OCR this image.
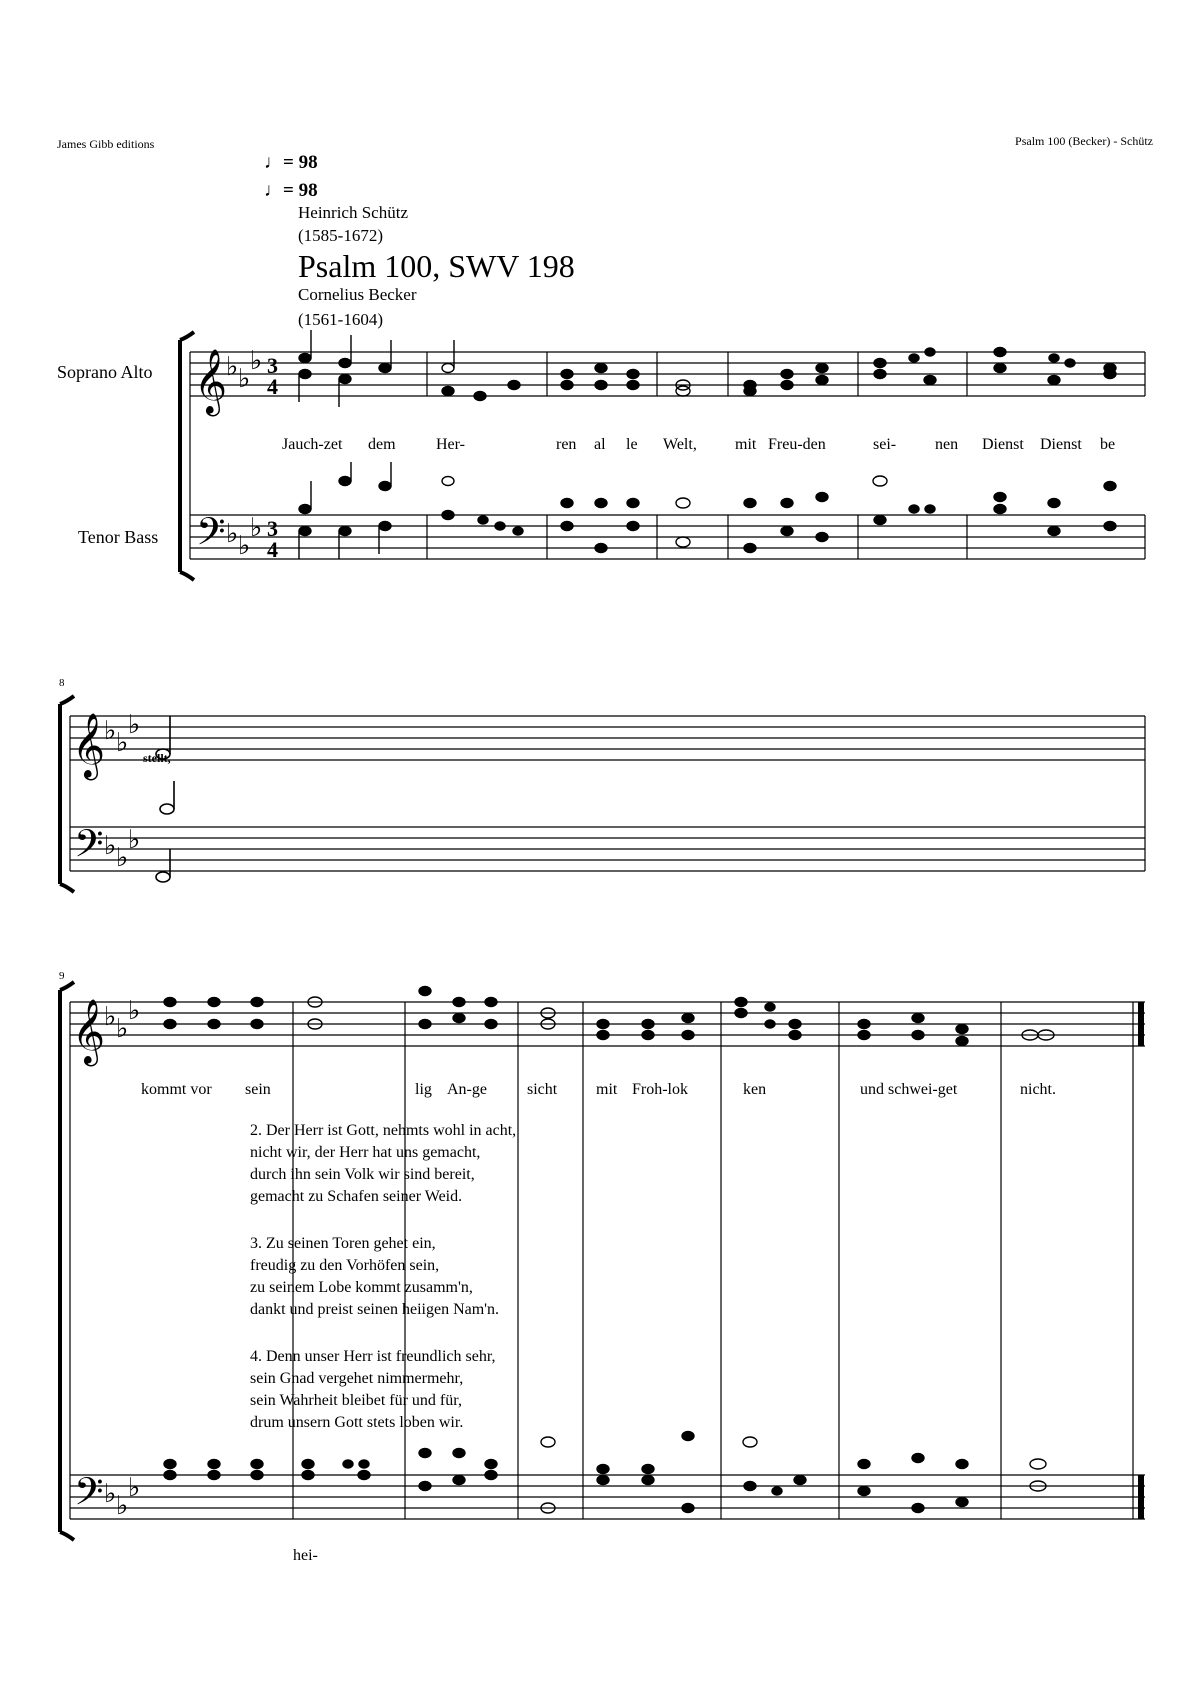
James Gibb editions	Psalm 100 (Becker) - Schütz
♩= 98
♩= 98
Heinrich Schütz
(1585-1672)
Psalm 100, SWV 198
Cornelius Becker
(1561-1604)
Soprano Alto
Tenor Bass
8
9
𝄞
𝄢
♭ ♭
♭
♭ ♭
♭
3
4
3
4
𝄞
𝄢
♭ ♭
♭
♭ ♭
♭
𝄞
𝄢
♭ ♭
♭
♭ ♭
♭
Jauch-zet dem	Her-	ren al le Welt, mit Freu-den	sei- nen Dienst Dienst be
stellt,
kommt vor sein	lig An-ge	sicht mit Froh-lok	ken	und schwei-get	nicht.
hei-
2. Der Herr ist Gott, nehmts wohl in acht,
nicht wir, der Herr hat uns gemacht,
durch ihn sein Volk wir sind bereit,
gemacht zu Schafen seiner Weid.
3. Zu seinen Toren gehet ein,
freudig zu den Vorhöfen sein,
zu seinem Lobe kommt zusamm'n,
dankt und preist seinen heiigen Nam'n.
4. Denn unser Herr ist freundlich sehr,
sein Gnad vergehet nimmermehr,
sein Wahrheit bleibet für und für,
drum unsern Gott stets loben wir.
